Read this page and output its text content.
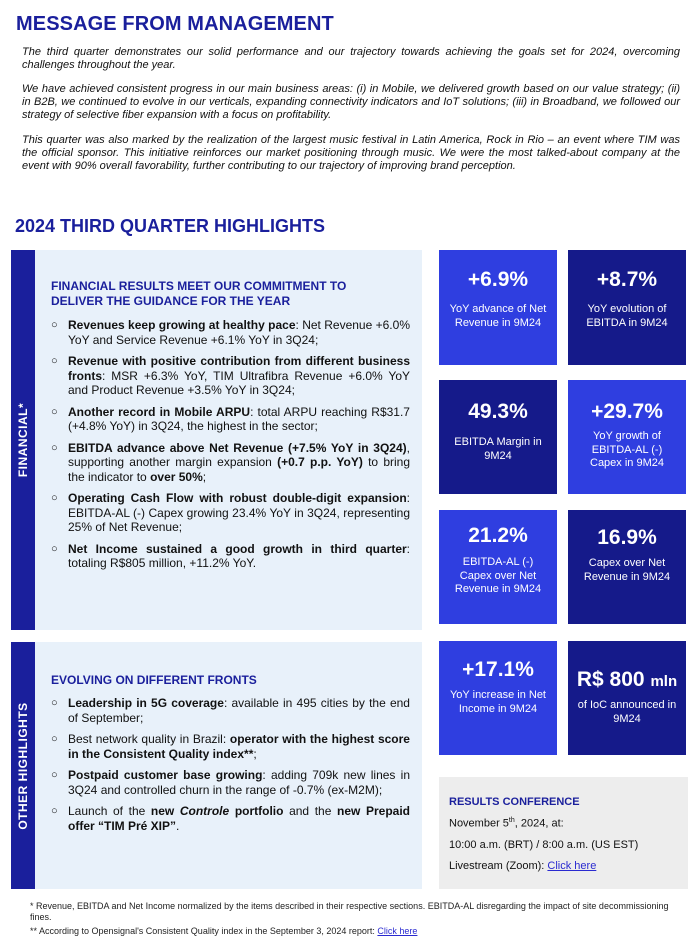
MESSAGE FROM MANAGEMENT

The third quarter demonstrates our solid performance and our trajectory towards achieving the goals set for 2024, overcoming challenges throughout the year.

We have achieved consistent progress in our main business areas: (i) in Mobile, we delivered growth based on our value strategy; (ii) in B2B, we continued to evolve in our verticals, expanding connectivity indicators and IoT solutions; (iii) in Broadband, we followed our strategy of selective fiber expansion with a focus on profitability.

This quarter was also marked by the realization of the largest music festival in Latin America, Rock in Rio – an event where TIM was the official sponsor. This initiative reinforces our market positioning through music. We were the most talked-about company at the event with 90% overall favorability, further contributing to our trajectory of improving brand perception.

2024 THIRD QUARTER HIGHLIGHTS
FINANCIAL*
FINANCIAL RESULTS MEET OUR COMMITMENT TO
DELIVER THE GUIDANCE FOR THE YEAR
○ Revenues keep growing at healthy pace: Net Revenue +6.0% YoY and Service Revenue +6.1% YoY in 3Q24;
○ Revenue with positive contribution from different business fronts: MSR +6.3% YoY, TIM Ultrafibra Revenue +6.0% YoY and Product Revenue +3.5% YoY in 3Q24;
○ Another record in Mobile ARPU: total ARPU reaching R$31.7 (+4.8% YoY) in 3Q24, the highest in the sector;
○ EBITDA advance above Net Revenue (+7.5% YoY in 3Q24), supporting another margin expansion (+0.7 p.p. YoY) to bring the indicator to over 50%;
○ Operating Cash Flow with robust double-digit expansion: EBITDA-AL (-) Capex growing 23.4% YoY in 3Q24, representing 25% of Net Revenue;
○ Net Income sustained a good growth in third quarter: totaling R$805 million, +11.2% YoY.
OTHER HIGHLIGHTS
EVOLVING ON DIFFERENT FRONTS
○ Leadership in 5G coverage: available in 495 cities by the end of September;
○ Best network quality in Brazil: operator with the highest score in the Consistent Quality index**;
○ Postpaid customer base growing: adding 709k new lines in 3Q24 and controlled churn in the range of -0.7% (ex-M2M);
○ Launch of the new Controle portfolio and the new Prepaid offer “TIM Pré XIP”.
+6.9%
YoY advance of Net Revenue in 9M24
+8.7%
YoY evolution of EBITDA in 9M24
49.3%
EBITDA Margin in 9M24
+29.7%
YoY growth of EBITDA-AL (-) Capex in 9M24
21.2%
EBITDA-AL (-) Capex over Net Revenue in 9M24
16.9%
Capex over Net Revenue in 9M24
+17.1%
YoY increase in Net Income in 9M24
R$ 800 mln
of IoC announced in 9M24
RESULTS CONFERENCE
November 5th, 2024, at:
10:00 a.m. (BRT) / 8:00 a.m. (US EST)
Livestream (Zoom): Click here

* Revenue, EBITDA and Net Income normalized by the items described in their respective sections. EBITDA-AL disregarding the impact of site decommissioning fines.

** According to Opensignal's Consistent Quality index in the September 3, 2024 report: Click here
